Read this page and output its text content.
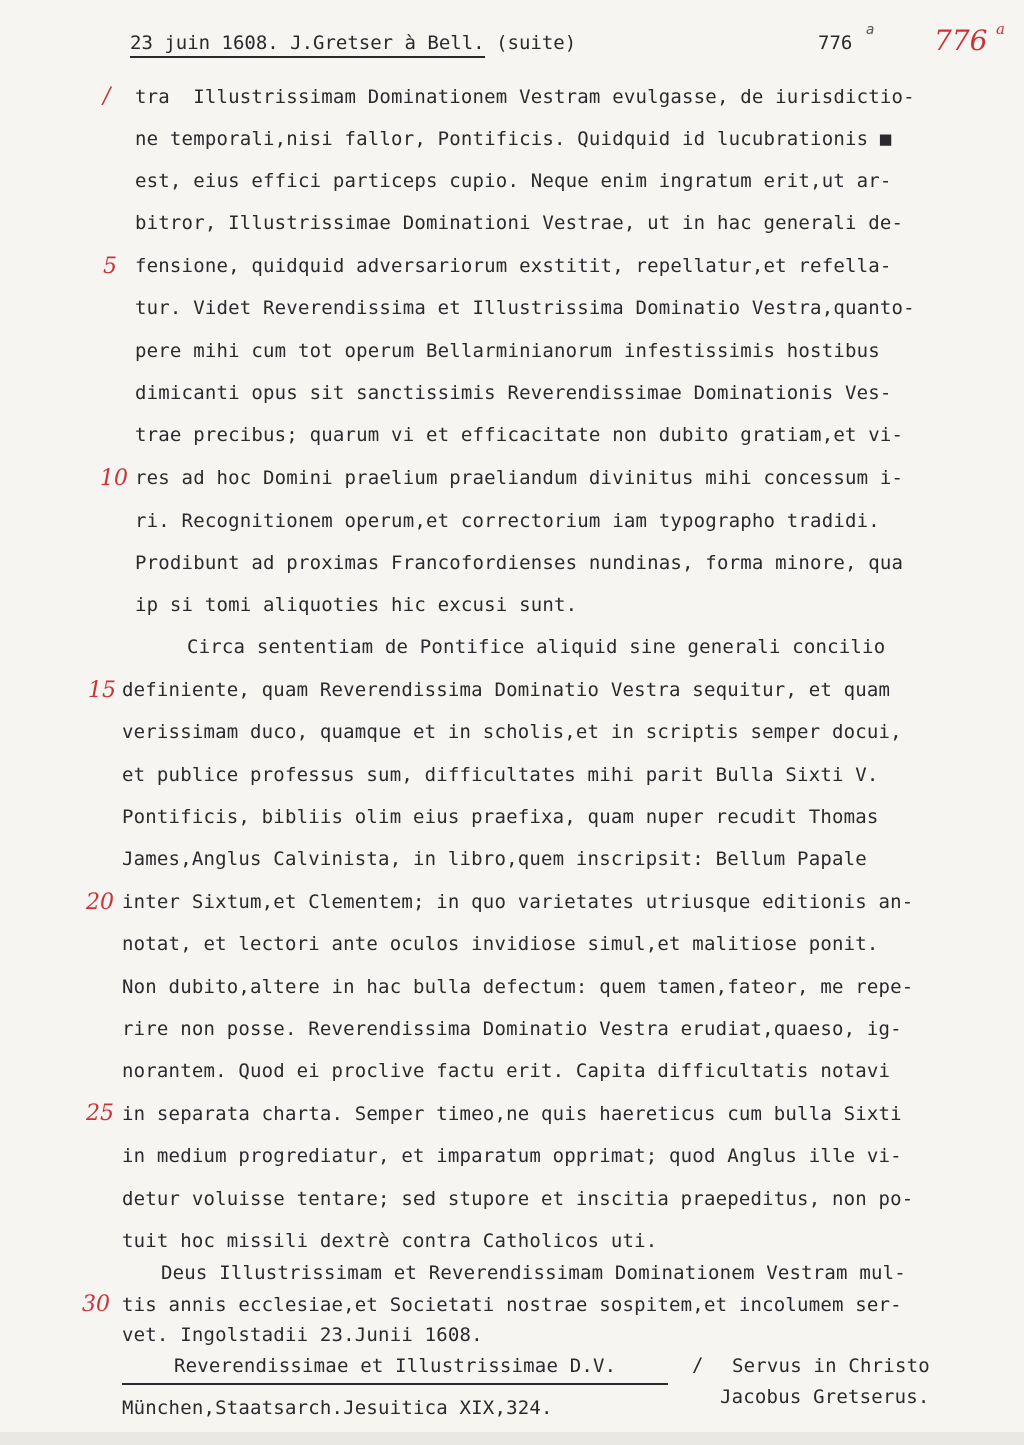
23 juin 1608. J.Gretser à Bell. (suite)	776
a 776 a
/
5
10
15
20
25
30
tra  Illustrissimam Dominationem Vestram evulgasse, de iurisdictio-
ne temporali,nisi fallor, Pontificis. Quidquid id lucubrationis ■
est, eius effici particeps cupio. Neque enim ingratum erit,ut ar-
bitror, Illustrissimae Dominationi Vestrae, ut in hac generali de-
fensione, quidquid adversariorum exstitit, repellatur,et refella-
tur. Videt Reverendissima et Illustrissima Dominatio Vestra,quanto-
pere mihi cum tot operum Bellarminianorum infestissimis hostibus
dimicanti opus sit sanctissimis Reverendissimae Dominationis Ves-
trae precibus; quarum vi et efficacitate non dubito gratiam,et vi-
res ad hoc Domini praelium praeliandum divinitus mihi concessum i-
ri. Recognitionem operum,et correctorium iam typographo tradidi.
Prodibunt ad proximas Francofordienses nundinas, forma minore, qua
ip si tomi aliquoties hic excusi sunt.
Circa sententiam de Pontifice aliquid sine generali concilio
definiente, quam Reverendissima Dominatio Vestra sequitur, et quam
verissimam duco, quamque et in scholis,et in scriptis semper docui,
et publice professus sum, difficultates mihi parit Bulla Sixti V.
Pontificis, bibliis olim eius praefixa, quam nuper recudit Thomas
James,Anglus Calvinista, in libro,quem inscripsit: Bellum Papale
inter Sixtum,et Clementem; in quo varietates utriusque editionis an-
notat, et lectori ante oculos invidiose simul,et malitiose ponit.
Non dubito,altere in hac bulla defectum: quem tamen,fateor, me repe-
rire non posse. Reverendissima Dominatio Vestra erudiat,quaeso, ig-
norantem. Quod ei proclive factu erit. Capita difficultatis notavi
in separata charta. Semper timeo,ne quis haereticus cum bulla Sixti
in medium progrediatur, et imparatum opprimat; quod Anglus ille vi-
detur voluisse tentare; sed stupore et inscitia praepeditus, non po-
tuit hoc missili dextrè contra Catholicos uti.
Deus Illustrissimam et Reverendissimam Dominationem Vestram mul-
tis annis ecclesiae,et Societati nostrae sospitem,et incolumem ser-
vet. Ingolstadii 23.Junii 1608.
Reverendissimae et Illustrissimae D.V.	/ Servus in Christo
Jacobus Gretserus.
München,Staatsarch.Jesuitica XIX,324.
